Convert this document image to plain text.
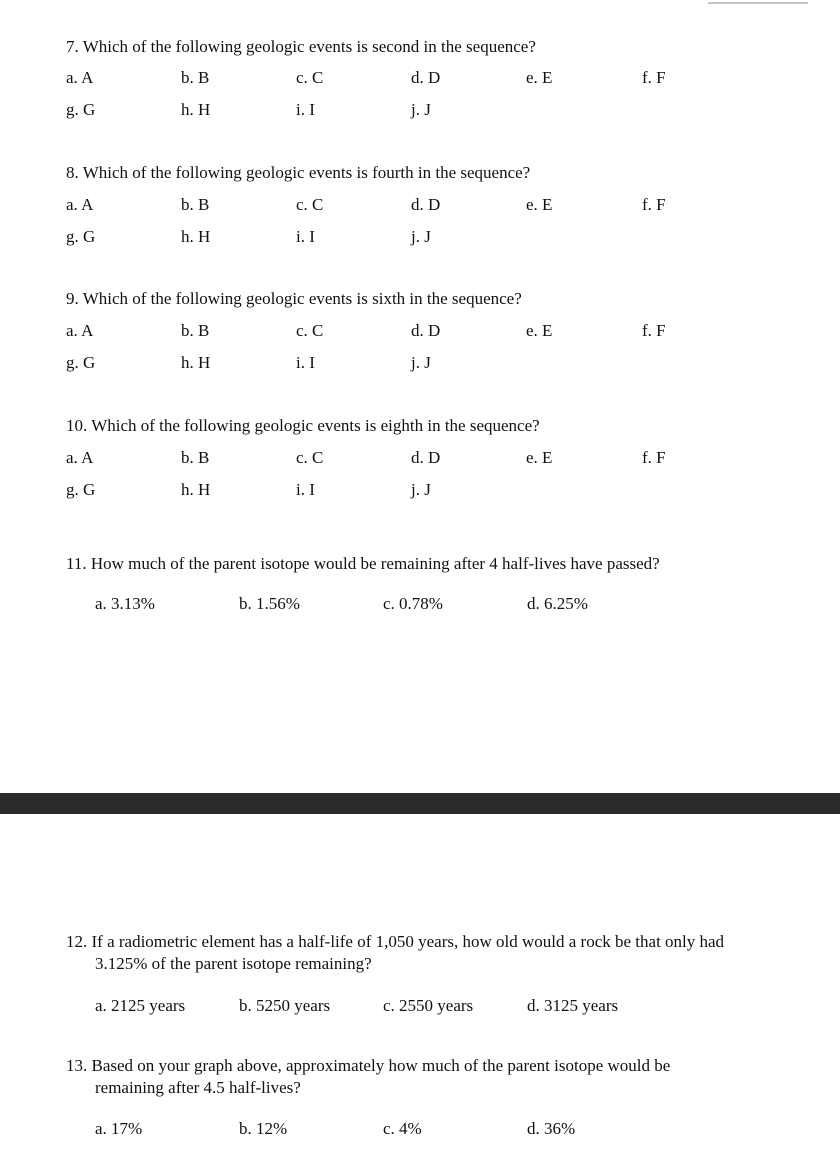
7. Which of the following geologic events is second in the sequence?
a. A	b. B	c. C	d. D	e. E	f. F
g. G	h. H	i. I	j. J
8. Which of the following geologic events is fourth in the sequence?
a. A	b. B	c. C	d. D	e. E	f. F
g. G	h. H	i. I	j. J
9. Which of the following geologic events is sixth in the sequence?
a. A	b. B	c. C	d. D	e. E	f. F
g. G	h. H	i. I	j. J
10. Which of the following geologic events is eighth in the sequence?
a. A	b. B	c. C	d. D	e. E	f. F
g. G	h. H	i. I	j. J
11. How much of the parent isotope would be remaining after 4 half-lives have passed?
a. 3.13%	b. 1.56%	c. 0.78%	d. 6.25%
12. If a radiometric element has a half-life of 1,050 years, how old would a rock be that only had
3.125% of the parent isotope remaining?
a. 2125 years	b. 5250 years	c. 2550 years	d. 3125 years
13. Based on your graph above, approximately how much of the parent isotope would be
remaining after 4.5 half-lives?
a. 17%	b. 12%	c. 4%	d. 36%
